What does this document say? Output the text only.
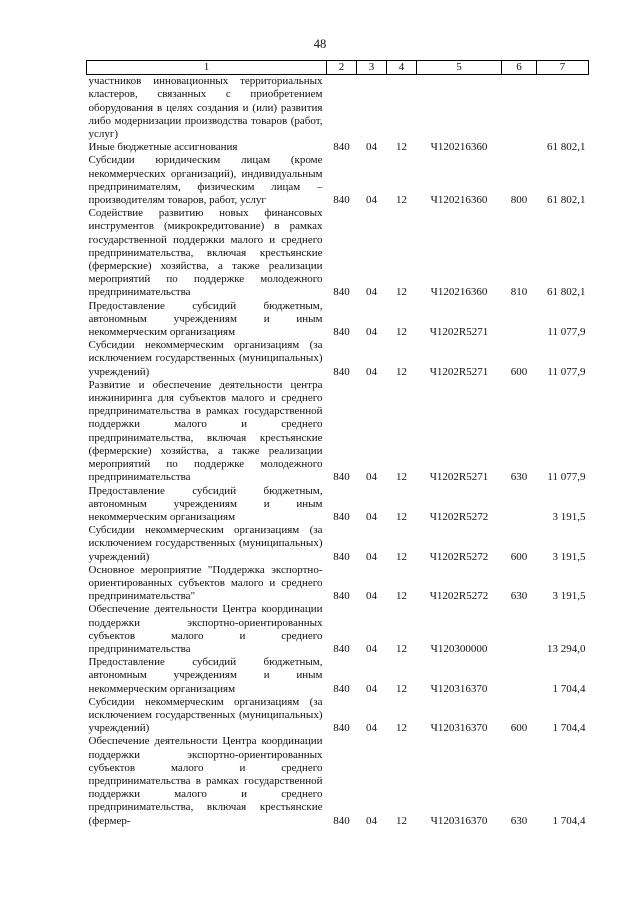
48
1	2	3	4	5	6	7
участников инновационных территориальных кластеров, связанных с приобретением оборудования в целях создания и (или) развития либо модернизации производства товаров (работ, услуг)						
Иные бюджетные ассигнования	840	04	12	Ч120216360		61 802,1
Субсидии юридическим лицам (кроме некоммерческих организаций), индивидуальным предпринимателям, физическим лицам – производителям товаров, работ, услуг	840	04	12	Ч120216360	800	61 802,1
Содействие развитию новых финансовых инструментов (микрокредитование) в рамках государственной поддержки малого и среднего предпринимательства, включая крестьянские (фермерские) хозяйства, а также реализации мероприятий по поддержке молодежного предпринимательства	840	04	12	Ч120216360	810	61 802,1
Предоставление субсидий бюджетным, автономным учреждениям и иным некоммерческим организациям	840	04	12	Ч1202R5271		11 077,9
Субсидии некоммерческим организациям (за исключением государственных (муниципальных) учреждений)	840	04	12	Ч1202R5271	600	11 077,9
Развитие и обеспечение деятельности центра инжиниринга для субъектов малого и среднего предпринимательства в рамках государственной поддержки малого и среднего предпринимательства, включая крестьянские (фермерские) хозяйства, а также реализации мероприятий по поддержке молодежного предпринимательства	840	04	12	Ч1202R5271	630	11 077,9
Предоставление субсидий бюджетным, автономным учреждениям и иным некоммерческим организациям	840	04	12	Ч1202R5272		3 191,5
Субсидии некоммерческим организациям (за исключением государственных (муниципальных) учреждений)	840	04	12	Ч1202R5272	600	3 191,5
Основное мероприятие "Поддержка экспортно-ориентированных субъектов малого и среднего предпринимательства"	840	04	12	Ч1202R5272	630	3 191,5
Обеспечение деятельности Центра координации поддержки экспортно-ориентированных субъектов малого и среднего предпринимательства	840	04	12	Ч120300000		13 294,0
Предоставление субсидий бюджетным, автономным учреждениям и иным некоммерческим организациям	840	04	12	Ч120316370		1 704,4
Субсидии некоммерческим организациям (за исключением государственных (муниципальных) учреждений)	840	04	12	Ч120316370	600	1 704,4
Обеспечение деятельности Центра координации поддержки экспортно-ориентированных субъектов малого и среднего предпринимательства в рамках государственной поддержки малого и среднего предпринимательства, включая крестьянские (фермер-	840	04	12	Ч120316370	630	1 704,4
